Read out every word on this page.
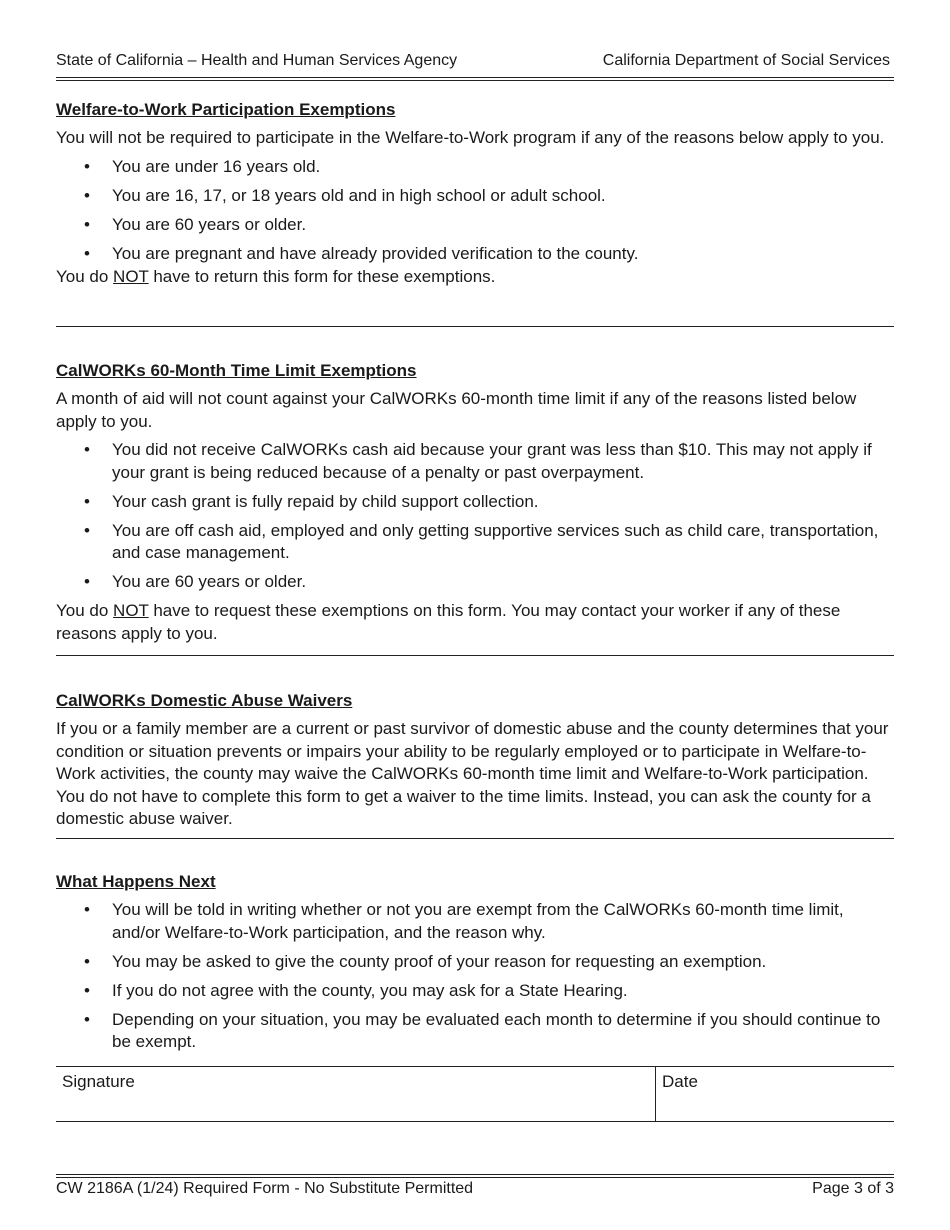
State of California – Health and Human Services Agency	California Department of Social Services
Welfare-to-Work Participation Exemptions

You will not be required to participate in the Welfare-to-Work program if any of the reasons below apply to you.

• You are under 16 years old.
• You are 16, 17, or 18 years old and in high school or adult school.
• You are 60 years or older.
• You are pregnant and have already provided verification to the county.

You do NOT have to return this form for these exemptions.

CalWORKs 60-Month Time Limit Exemptions

A month of aid will not count against your CalWORKs 60-month time limit if any of the reasons listed below apply to you.

• You did not receive CalWORKs cash aid because your grant was less than $10. This may not apply if your grant is being reduced because of a penalty or past overpayment.
• Your cash grant is fully repaid by child support collection.
• You are off cash aid, employed and only getting supportive services such as child care, transportation, and case management.
• You are 60 years or older.

You do NOT have to request these exemptions on this form. You may contact your worker if any of these reasons apply to you.

CalWORKs Domestic Abuse Waivers

If you or a family member are a current or past survivor of domestic abuse and the county determines that your condition or situation prevents or impairs your ability to be regularly employed or to participate in Welfare-to-Work activities, the county may waive the CalWORKs 60-month time limit and Welfare-to-Work participation. You do not have to complete this form to get a waiver to the time limits. Instead, you can ask the county for a domestic abuse waiver.

What Happens Next
• You will be told in writing whether or not you are exempt from the CalWORKs 60-month time limit, and/or Welfare-to-Work participation, and the reason why.
• You may be asked to give the county proof of your reason for requesting an exemption.
• If you do not agree with the county, you may ask for a State Hearing.
• Depending on your situation, you may be evaluated each month to determine if you should continue to be exempt.
Signature	Date
CW 2186A (1/24) Required Form - No Substitute Permitted	Page 3 of 3
